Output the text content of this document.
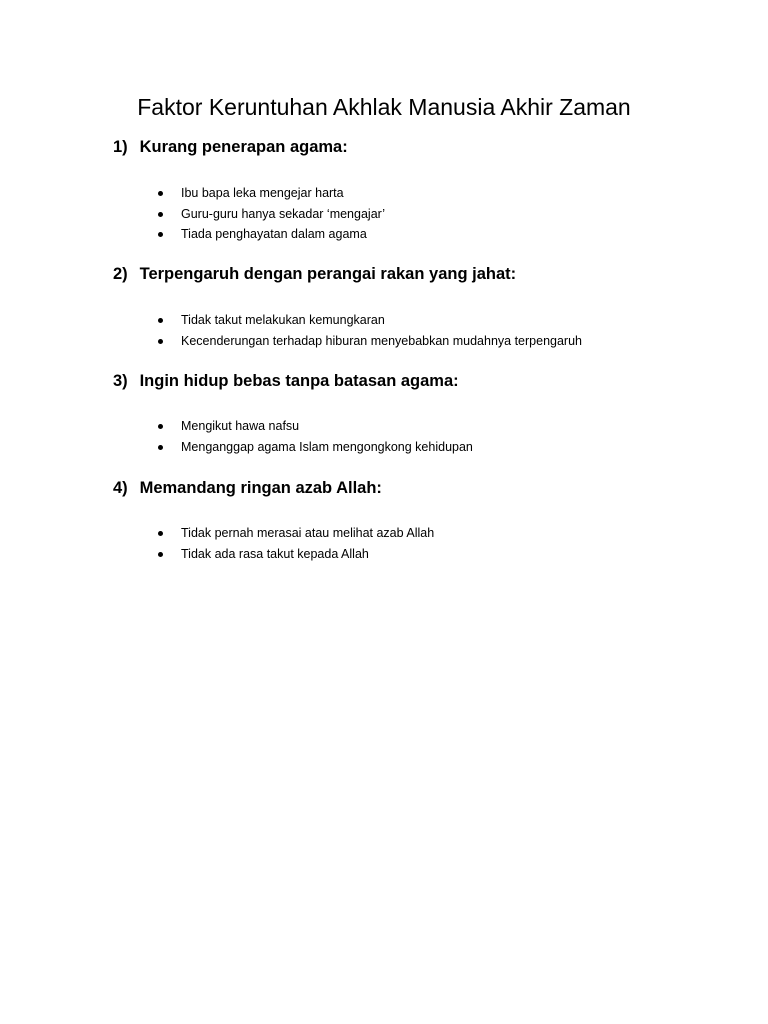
Faktor Keruntuhan Akhlak Manusia Akhir Zaman
1) Kurang penerapan agama:
Ibu bapa leka mengejar harta
Guru-guru hanya sekadar ‘mengajar’
Tiada penghayatan dalam agama
2) Terpengaruh dengan perangai rakan yang jahat:
Tidak takut melakukan kemungkaran
Kecenderungan terhadap hiburan menyebabkan mudahnya terpengaruh
3) Ingin hidup bebas tanpa batasan agama:
Mengikut hawa nafsu
Menganggap agama Islam mengongkong kehidupan
4) Memandang ringan azab Allah:
Tidak pernah merasai atau melihat azab Allah
Tidak ada rasa takut kepada Allah
